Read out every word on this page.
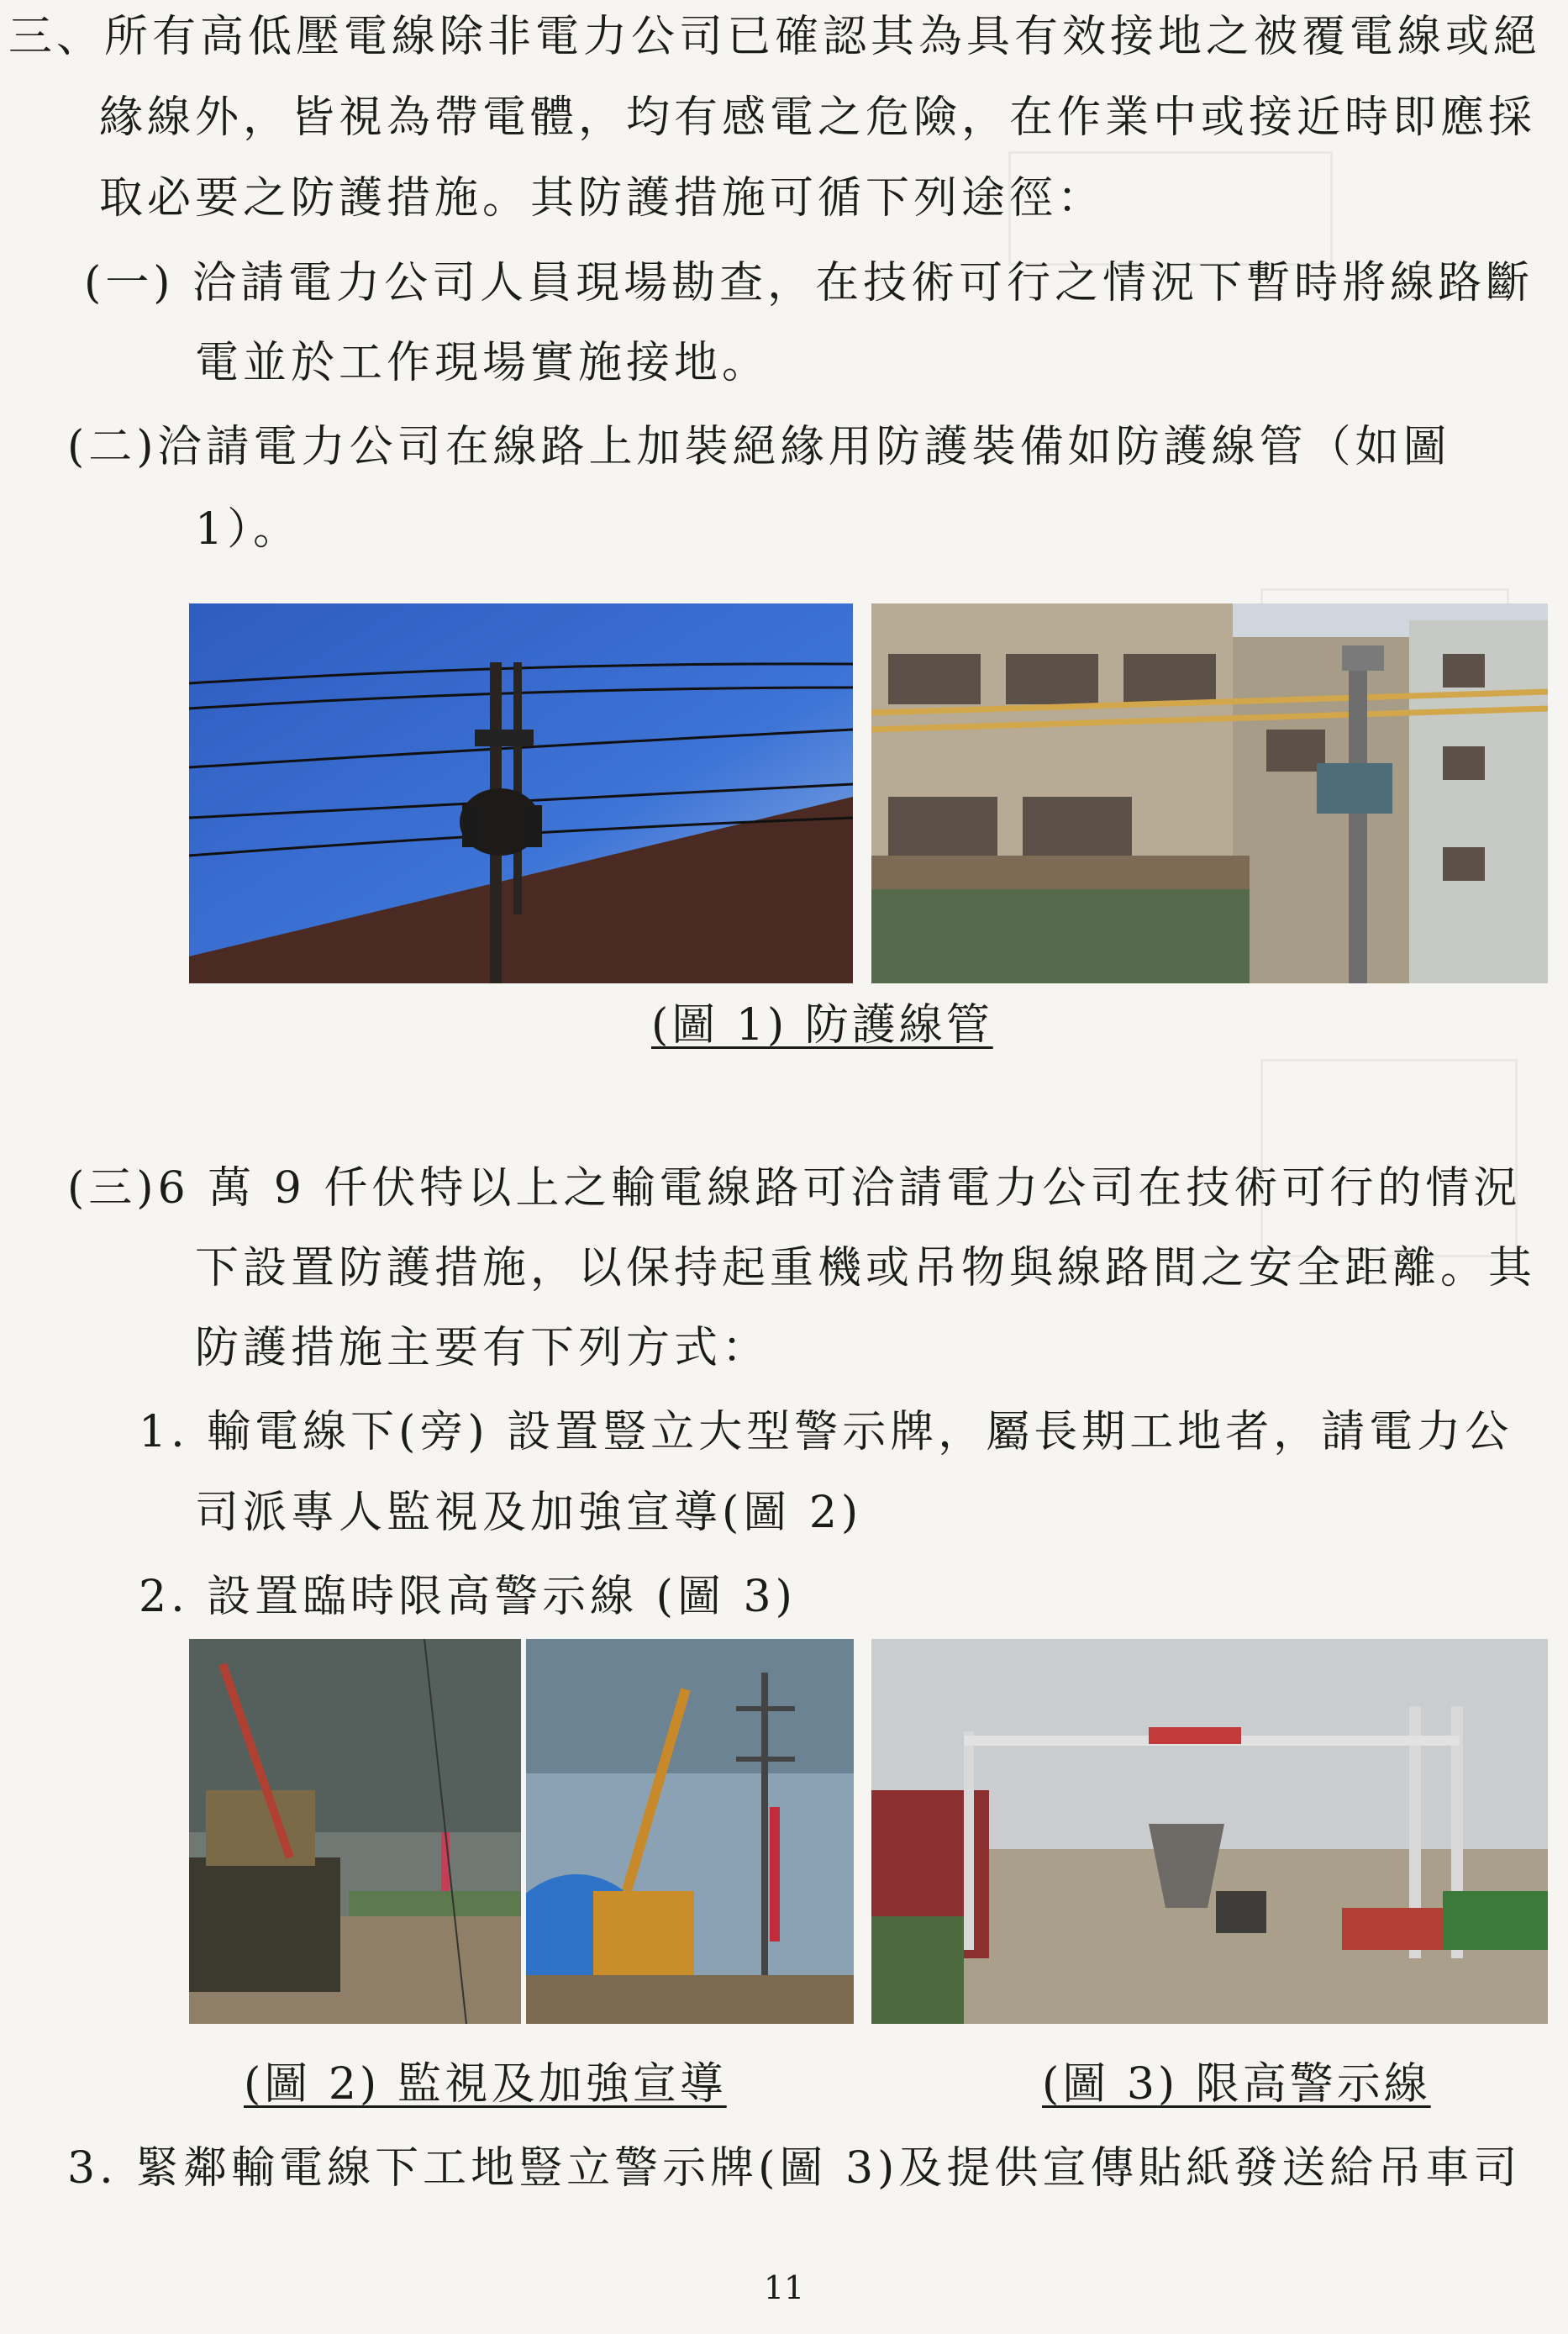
三、所有高低壓電線除非電力公司已確認其為具有效接地之被覆電線或絕
緣線外，皆視為帶電體，均有感電之危險，在作業中或接近時即應採
取必要之防護措施。其防護措施可循下列途徑：
(一) 洽請電力公司人員現場勘查，在技術可行之情況下暫時將線路斷
電並於工作現場實施接地。
(二)洽請電力公司在線路上加裝絕緣用防護裝備如防護線管（如圖
1）。
(圖 1) 防護線管
(三)6 萬 9 仟伏特以上之輸電線路可洽請電力公司在技術可行的情況
下設置防護措施，以保持起重機或吊物與線路間之安全距離。其
防護措施主要有下列方式：
1. 輸電線下(旁) 設置豎立大型警示牌，屬長期工地者，請電力公
司派專人監視及加強宣導(圖 2)
2. 設置臨時限高警示線 (圖 3)
(圖 2) 監視及加強宣導	(圖 3) 限高警示線
3. 緊鄰輸電線下工地豎立警示牌(圖 3)及提供宣傳貼紙發送給吊車司
11
